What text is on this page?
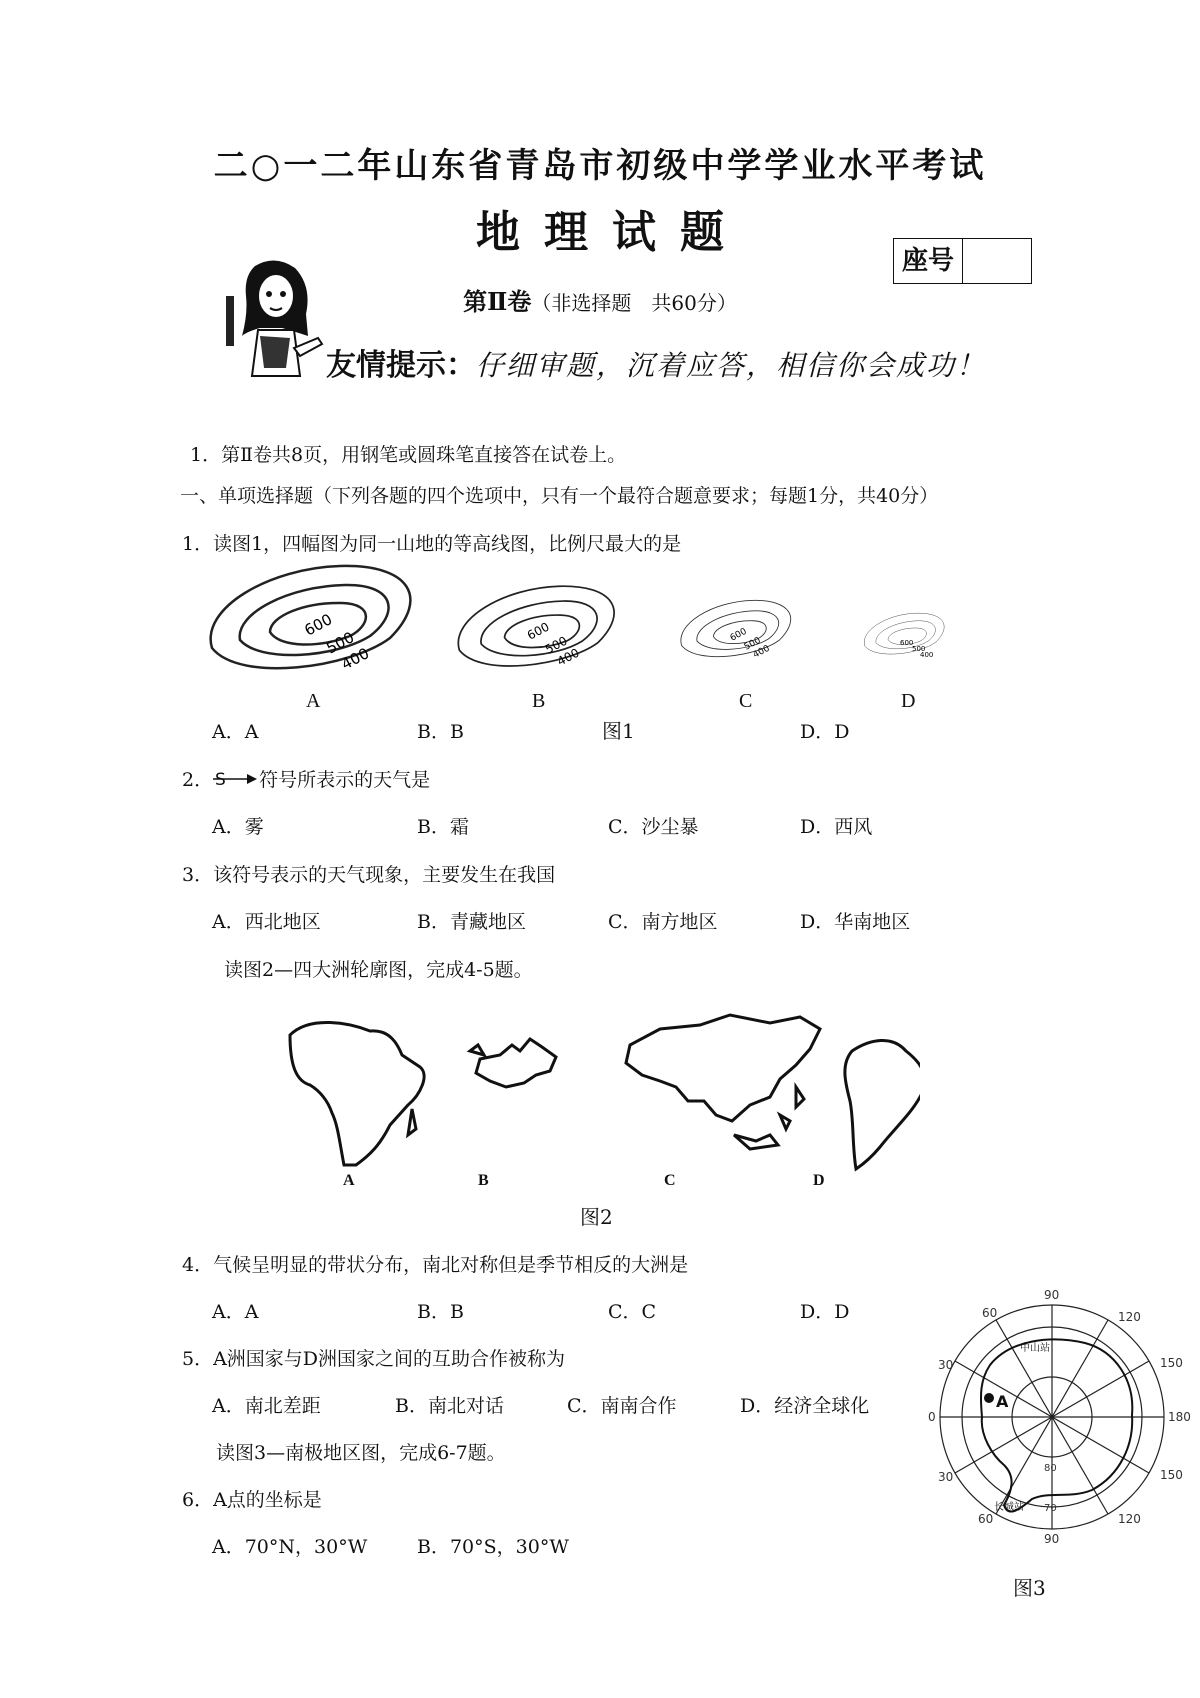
二○一二年山东省青岛市初级中学学业水平考试
地理试题
座号
第Ⅱ卷（非选择题　共60分）
友情提示：仔细审题，沉着应答，相信你会成功！
1．第Ⅱ卷共8页，用钢笔或圆珠笔直接答在试卷上。
一、单项选择题（下列各题的四个选项中，只有一个最符合题意要求；每题1分，共40分）
1．读图1，四幅图为同一山地的等高线图，比例尺最大的是
600
500
400
600
500
400
600
500
400
600
500
400
A	B	C	D
A．A	B．B	图1	D．D
2． S 符号所表示的天气是
A．雾	B．霜	C．沙尘暴	D．西风
3．该符号表示的天气现象，主要发生在我国
A．西北地区	B．青藏地区	C．南方地区	D．华南地区
读图2—四大洲轮廓图，完成4-5题。
A	B	C	D
图2
4．气候呈明显的带状分布，南北对称但是季节相反的大洲是
A．A	B．B	C．C	D．D
5．A洲国家与D洲国家之间的互助合作被称为
A．南北差距	B．南北对话	C．南南合作	D．经济全球化
读图3—南极地区图，完成6-7题。
6．A点的坐标是
A．70°N，30°W	B．70°S，30°W
A
中山站
长城站
90
120
150
180
150
120
90
60
30
0
30
60
70
80
图3
